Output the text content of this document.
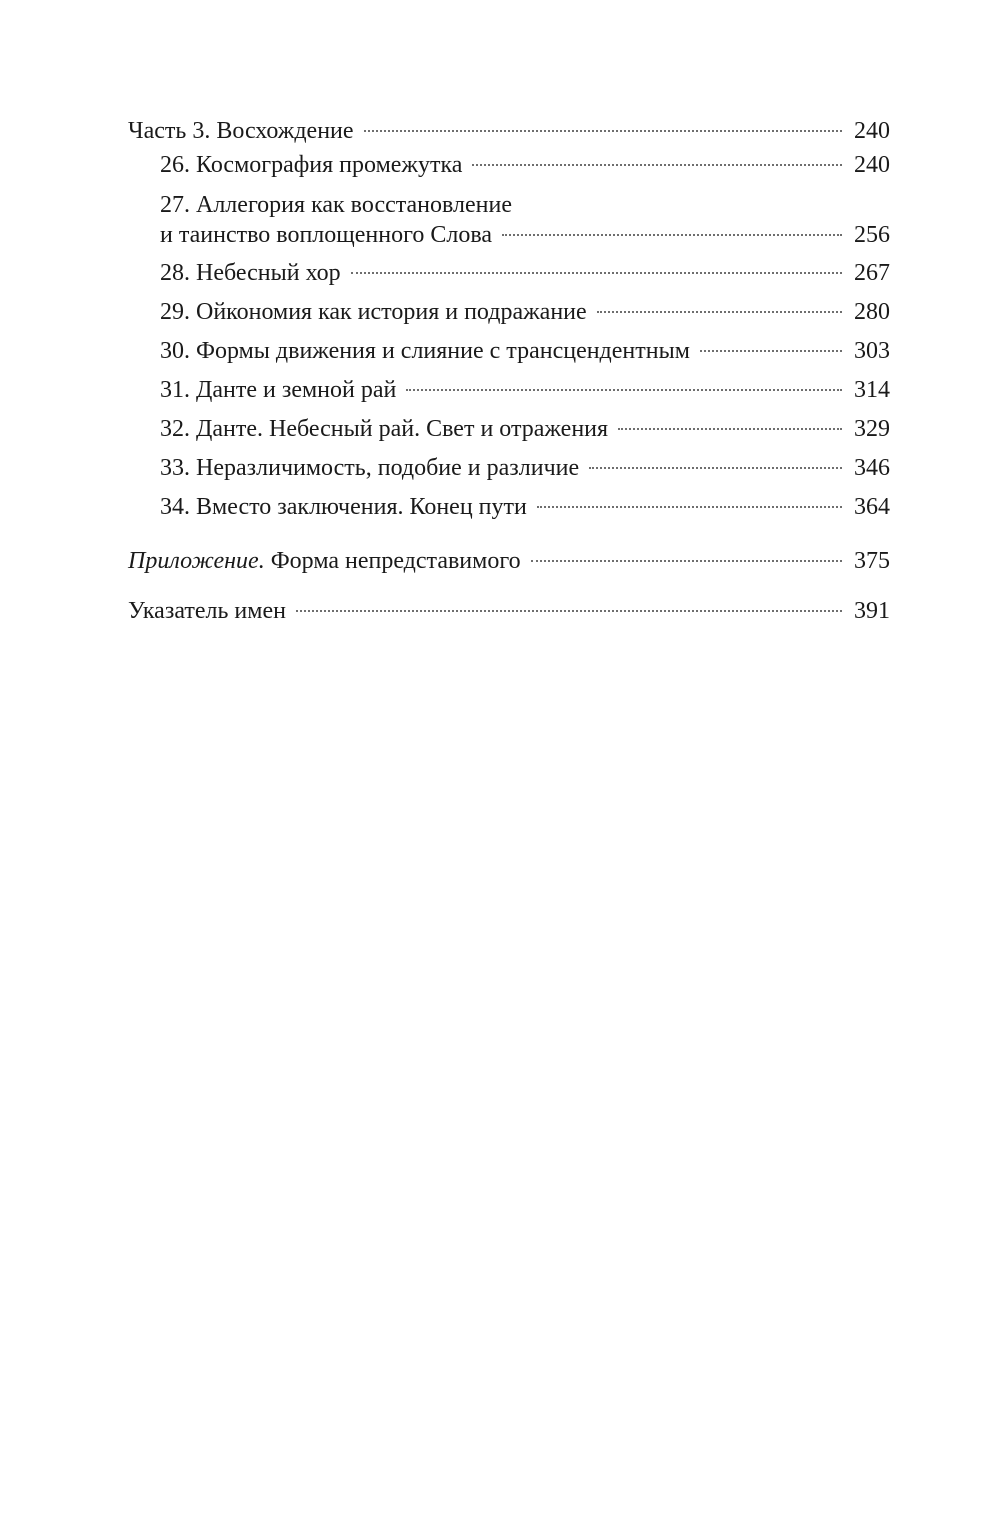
Часть 3. Восхождение	240
26. Космография промежутка	240
27. Аллегория как восстановление
и таинство воплощенного Слова	256
28. Небесный хор	267
29. Ойкономия как история и подражание	280
30. Формы движения и слияние с трансцендентным	303
31. Данте и земной рай	314
32. Данте. Небесный рай. Свет и отражения	329
33. Неразличимость, подобие и различие	346
34. Вместо заключения. Конец пути	364
Приложение. Форма непредставимого	375
Указатель имен	391
